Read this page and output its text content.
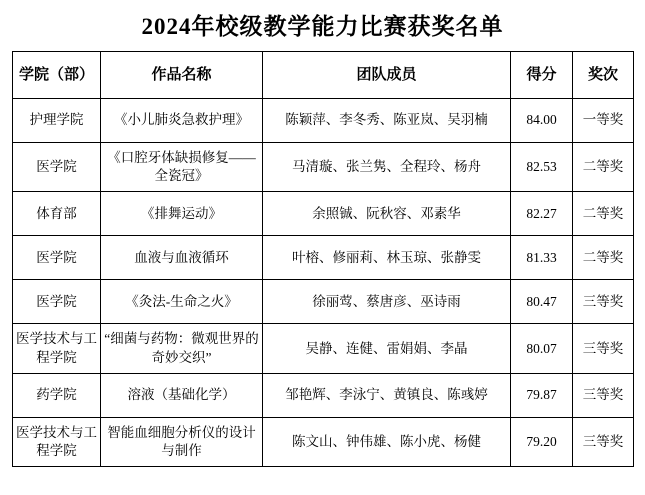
2024年校级教学能力比赛获奖名单
学院（部）	作品名称	团队成员	得分	奖次
护理学院	《小儿肺炎急救护理》	陈颖萍、李冬秀、陈亚岚、吴羽楠	84.00	一等奖
医学院	《口腔牙体缺损修复——全瓷冠》	马清璇、张兰隽、全程玲、杨舟	82.53	二等奖
体育部	《排舞运动》	余照铖、阮秋容、邓素华	82.27	二等奖
医学院	血液与血液循环	叶榕、修丽莉、林玉琼、张静雯	81.33	二等奖
医学院	《灸法-生命之火》	徐丽莺、蔡唐彦、巫诗雨	80.47	三等奖
医学技术与工程学院	“细菌与药物：微观世界的奇妙交织”	吴静、连健、雷娟娟、李晶	80.07	三等奖
药学院	溶液（基础化学）	邹艳辉、李泳宁、黄镇良、陈彧婷	79.87	三等奖
医学技术与工程学院	智能血细胞分析仪的设计与制作	陈文山、钟伟雄、陈小虎、杨健	79.20	三等奖
